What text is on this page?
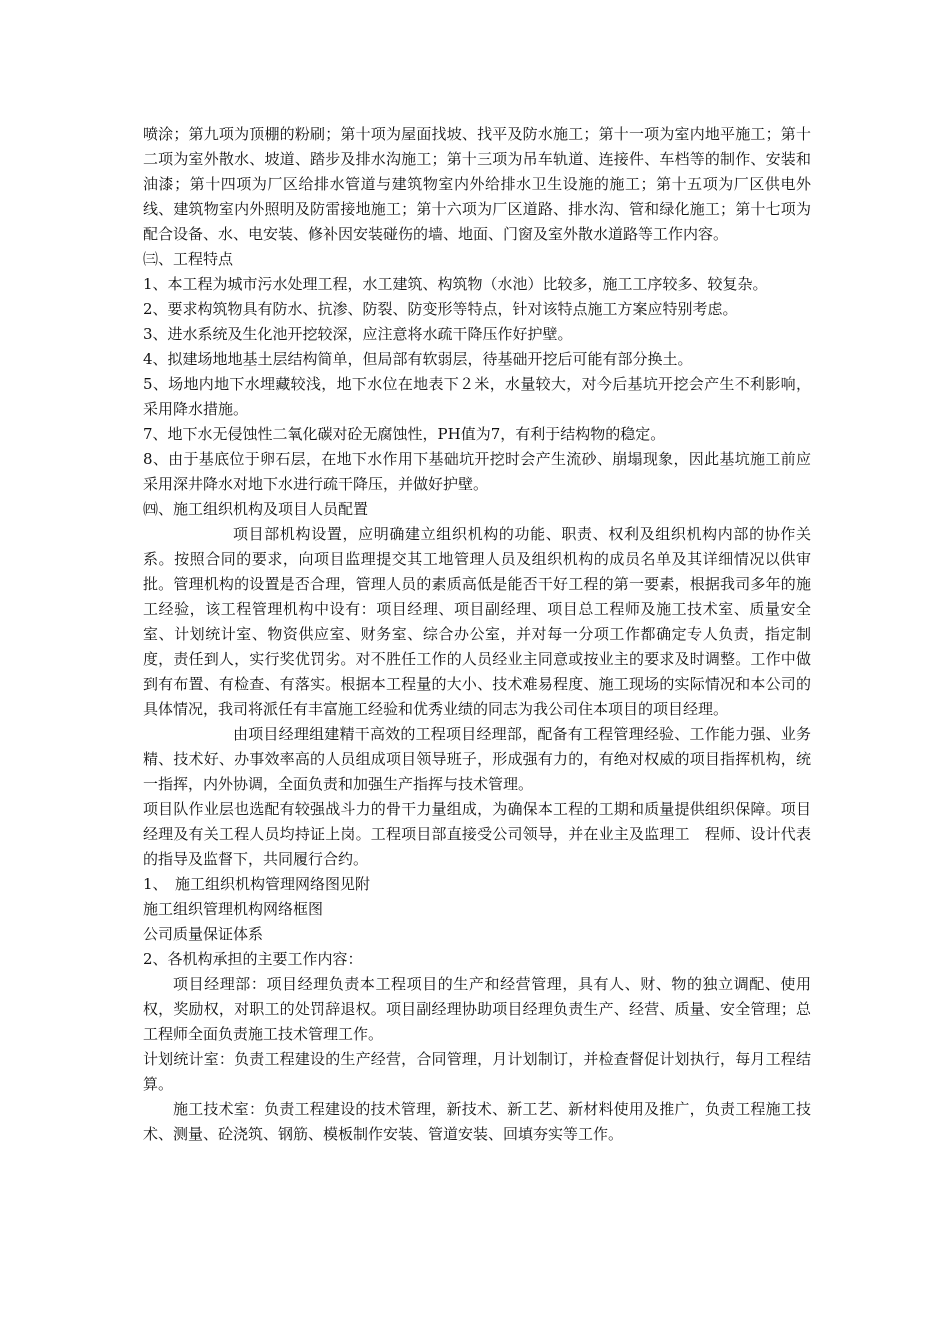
喷涂；第九项为顶棚的粉刷；第十项为屋面找坡、找平及防水施工；第十一项为室内地平施工；第十二项为室外散水、坡道、踏步及排水沟施工；第十三项为吊车轨道、连接件、车档等的制作、安装和油漆；第十四项为厂区给排水管道与建筑物室内外给排水卫生设施的施工；第十五项为厂区供电外线、建筑物室内外照明及防雷接地施工；第十六项为厂区道路、排水沟、管和绿化施工；第十七项为配合设备、水、电安装、修补因安装碰伤的墙、地面、门窗及室外散水道路等工作内容。

㈢、工程特点

1、本工程为城市污水处理工程，水工建筑、构筑物（水池）比较多，施工工序较多、较复杂。

2、要求构筑物具有防水、抗渗、防裂、防变形等特点，针对该特点施工方案应特别考虑。

3、进水系统及生化池开挖较深，应注意将水疏干降压作好护壁。

4、拟建场地地基土层结构简单，但局部有软弱层，待基础开挖后可能有部分换土。

5、场地内地下水埋藏较浅，地下水位在地表下２米，水量较大，对今后基坑开挖会产生不利影响，采用降水措施。

7、地下水无侵蚀性二氧化碳对砼无腐蚀性，PH值为7，有利于结构物的稳定。

8、由于基底位于卵石层，在地下水作用下基础坑开挖时会产生流砂、崩塌现象，因此基坑施工前应采用深井降水对地下水进行疏干降压，并做好护壁。

㈣、施工组织机构及项目人员配置

项目部机构设置，应明确建立组织机构的功能、职责、权利及组织机构内部的协作关系。按照合同的要求，向项目监理提交其工地管理人员及组织机构的成员名单及其详细情况以供审批。管理机构的设置是否合理，管理人员的素质高低是能否干好工程的第一要素，根据我司多年的施工经验，该工程管理机构中设有：项目经理、项目副经理、项目总工程师及施工技术室、质量安全室、计划统计室、物资供应室、财务室、综合办公室，并对每一分项工作都确定专人负责，指定制度，责任到人，实行奖优罚劣。对不胜任工作的人员经业主同意或按业主的要求及时调整。工作中做到有布置、有检查、有落实。根据本工程量的大小、技术难易程度、施工现场的实际情况和本公司的具体情况，我司将派任有丰富施工经验和优秀业绩的同志为我公司住本项目的项目经理。

由项目经理组建精干高效的工程项目经理部，配备有工程管理经验、工作能力强、业务精、技术好、办事效率高的人员组成项目领导班子，形成强有力的，有绝对权威的项目指挥机构，统一指挥，内外协调，全面负责和加强生产指挥与技术管理。

项目队作业层也选配有较强战斗力的骨干力量组成，为确保本工程的工期和质量提供组织保障。项目经理及有关工程人员均持证上岗。工程项目部直接受公司领导，并在业主及监理工　程师、设计代表的指导及监督下，共同履行合约。

1、　施工组织机构管理网络图见附

施工组织管理机构网络框图

公司质量保证体系

2、各机构承担的主要工作内容：

项目经理部：项目经理负责本工程项目的生产和经营管理，具有人、财、物的独立调配、使用权，奖励权，对职工的处罚辞退权。项目副经理协助项目经理负责生产、经营、质量、安全管理；总工程师全面负责施工技术管理工作。

计划统计室：负责工程建设的生产经营，合同管理，月计划制订，并检查督促计划执行，每月工程结算。

施工技术室：负责工程建设的技术管理，新技术、新工艺、新材料使用及推广，负责工程施工技术、测量、砼浇筑、钢筋、模板制作安装、管道安装、回填夯实等工作。
